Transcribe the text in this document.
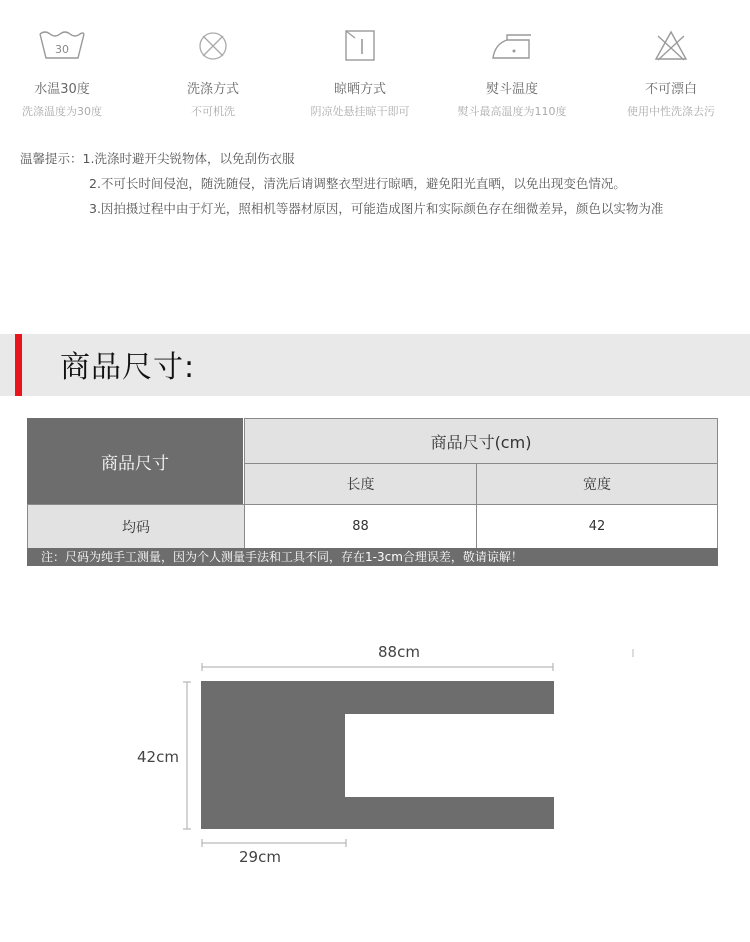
30
水温30度
洗涤温度为30度
洗涤方式
不可机洗
晾晒方式
阴凉处悬挂晾干即可
熨斗温度
熨斗最高温度为110度
不可漂白
使用中性洗涤去污
温馨提示：1.洗涤时避开尖锐物体，以免刮伤衣服
2.不可长时间侵泡，随洗随侵，清洗后请调整衣型进行晾晒，避免阳光直晒，以免出现变色情况。
3.因拍摄过程中由于灯光，照相机等器材原因，可能造成图片和实际颜色存在细微差异，颜色以实物为准
商品尺寸:
商品尺寸
商品尺寸(cm)
长度	宽度
均码	88	42
注：尺码为纯手工测量，因为个人测量手法和工具不同，存在1-3cm合理误差，敬请谅解！
88cm
42cm
29cm
